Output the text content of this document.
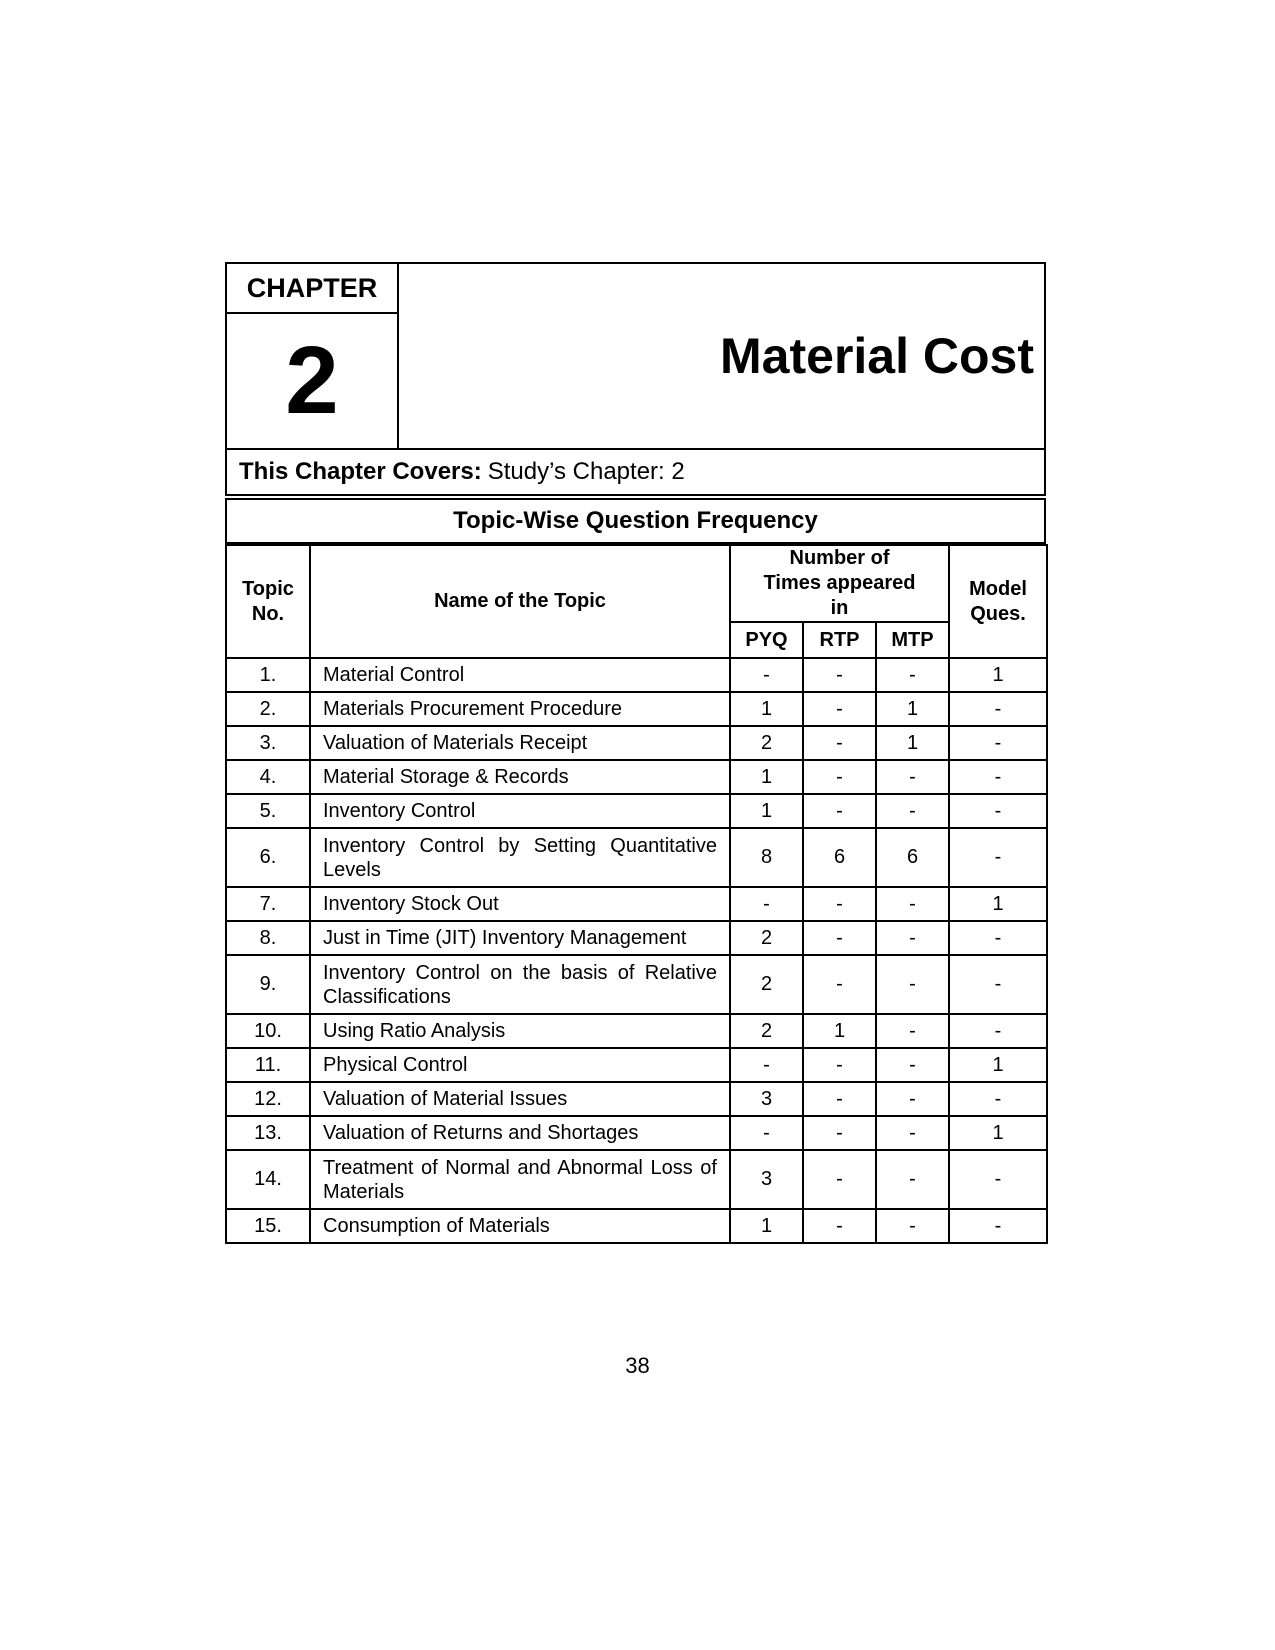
CHAPTER
2	Material Cost
This Chapter Covers: Study’s Chapter: 2
Topic-Wise Question Frequency
Topic No.	Name of the Topic	Number of Times appeared in			Model Ques.
		PYQ	RTP	MTP	
1.	Material Control	-	-	-	1
2.	Materials Procurement Procedure	1	-	1	-
3.	Valuation of Materials Receipt	2	-	1	-
4.	Material Storage & Records	1	-	-	-
5.	Inventory Control	1	-	-	-
6.	Inventory Control by Setting Quantitative Levels	8	6	6	-
7.	Inventory Stock Out	-	-	-	1
8.	Just in Time (JIT) Inventory Management	2	-	-	-
9.	Inventory Control on the basis of Relative Classifications	2	-	-	-
10.	Using Ratio Analysis	2	1	-	-
11.	Physical Control	-	-	-	1
12.	Valuation of Material Issues	3	-	-	-
13.	Valuation of Returns and Shortages	-	-	-	1
14.	Treatment of Normal and Abnormal Loss of Materials	3	-	-	-
15.	Consumption of Materials	1	-	-	-
38
